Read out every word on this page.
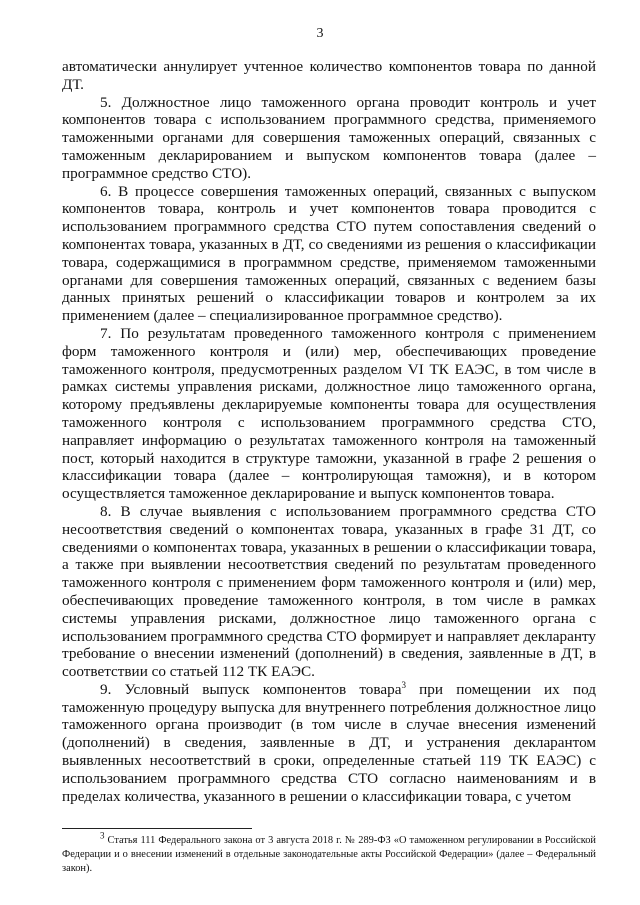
3

автоматически аннулирует учтенное количество компонентов товара по данной ДТ.

5. Должностное лицо таможенного органа проводит контроль и учет компонентов товара с использованием программного средства, применяемого таможенными органами для совершения таможенных операций, связанных с таможенным декларированием и выпуском компонентов товара (далее – программное средство СТО).

6. В процессе совершения таможенных операций, связанных с выпуском компонентов товара, контроль и учет компонентов товара проводится с использованием программного средства СТО путем сопоставления сведений о компонентах товара, указанных в ДТ, со сведениями из решения о классификации товара, содержащимися в программном средстве, применяемом таможенными органами для совершения таможенных операций, связанных с ведением базы данных принятых решений о классификации товаров и контролем за их применением (далее – специализированное программное средство).

7. По результатам проведенного таможенного контроля с применением форм таможенного контроля и (или) мер, обеспечивающих проведение таможенного контроля, предусмотренных разделом VI ТК ЕАЭС, в том числе в рамках системы управления рисками, должностное лицо таможенного органа, которому предъявлены декларируемые компоненты товара для осуществления таможенного контроля с использованием программного средства СТО, направляет информацию о результатах таможенного контроля на таможенный пост, который находится в структуре таможни, указанной в графе 2 решения о классификации товара (далее – контролирующая таможня), и в котором осуществляется таможенное декларирование и выпуск компонентов товара.

8. В случае выявления с использованием программного средства СТО несоответствия сведений о компонентах товара, указанных в графе 31 ДТ, со сведениями о компонентах товара, указанных в решении о классификации товара, а также при выявлении несоответствия сведений по результатам проведенного таможенного контроля с применением форм таможенного контроля и (или) мер, обеспечивающих проведение таможенного контроля, в том числе в рамках системы управления рисками, должностное лицо таможенного органа с использованием программного средства СТО формирует и направляет декларанту требование о внесении изменений (дополнений) в сведения, заявленные в ДТ, в соответствии со статьей 112 ТК ЕАЭС.

9. Условный выпуск компонентов товара$^3$ при помещении их под таможенную процедуру выпуска для внутреннего потребления должностное лицо таможенного органа производит (в том числе в случае внесения изменений (дополнений) в сведения, заявленные в ДТ, и устранения декларантом выявленных несоответствий в сроки, определенные статьей 119 ТК ЕАЭС) с использованием программного средства СТО согласно наименованиям и в пределах количества, указанного в решении о классификации товара, с учетом

$^3$ Статья 111 Федерального закона от 3 августа 2018 г. № 289-ФЗ «О таможенном регулировании в Российской Федерации и о внесении изменений в отдельные законодательные акты Российской Федерации» (далее – Федеральный закон).
